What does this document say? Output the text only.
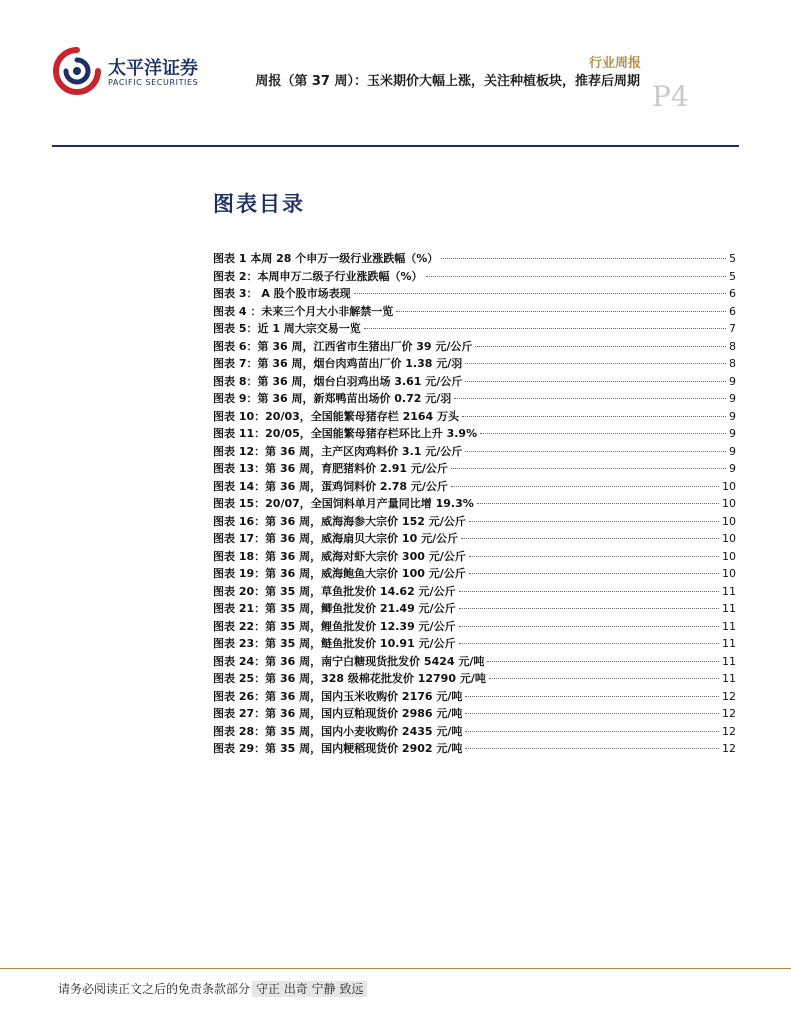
太平洋证券
PACIFIC SECURITIES
行业周报
周报（第 37 周）：玉米期价大幅上涨，关注种植板块，推荐后周期 P4
图表目录
图表 1 本周 28 个申万一级行业涨跌幅（%）	5
图表 2：本周申万二级子行业涨跌幅（%）	5
图表 3： A 股个股市场表现	6
图表 4 ：未来三个月大小非解禁一览	6
图表 5：近 1 周大宗交易一览	7
图表 6：第 36 周，江西省市生猪出厂价 39 元/公斤	8
图表 7：第 36 周，烟台肉鸡苗出厂价 1.38 元/羽	8
图表 8：第 36 周，烟台白羽鸡出场 3.61 元/公斤	9
图表 9：第 36 周，新郑鸭苗出场价 0.72 元/羽	9
图表 10：20/03，全国能繁母猪存栏 2164 万头	9
图表 11：20/05，全国能繁母猪存栏环比上升 3.9%	9
图表 12：第 36 周，主产区肉鸡料价 3.1 元/公斤	9
图表 13：第 36 周，育肥猪料价 2.91 元/公斤	9
图表 14：第 36 周，蛋鸡饲料价 2.78 元/公斤	10
图表 15：20/07，全国饲料单月产量同比增 19.3%	10
图表 16：第 36 周，威海海参大宗价 152 元/公斤	10
图表 17：第 36 周，威海扇贝大宗价 10 元/公斤	10
图表 18：第 36 周，威海对虾大宗价 300 元/公斤	10
图表 19：第 36 周，威海鲍鱼大宗价 100 元/公斤	10
图表 20：第 35 周，草鱼批发价 14.62 元/公斤	11
图表 21：第 35 周，鲫鱼批发价 21.49 元/公斤	11
图表 22：第 35 周，鲤鱼批发价 12.39 元/公斤	11
图表 23：第 35 周，鲢鱼批发价 10.91 元/公斤	11
图表 24：第 36 周，南宁白糖现货批发价 5424 元/吨	11
图表 25：第 36 周，328 级棉花批发价 12790 元/吨	11
图表 26：第 36 周，国内玉米收购价 2176 元/吨	12
图表 27：第 36 周，国内豆粕现货价 2986 元/吨	12
图表 28：第 35 周，国内小麦收购价 2435 元/吨	12
图表 29：第 35 周，国内粳稻现货价 2902 元/吨	12
请务必阅读正文之后的免责条款部分 守正 出奇 宁静 致远
